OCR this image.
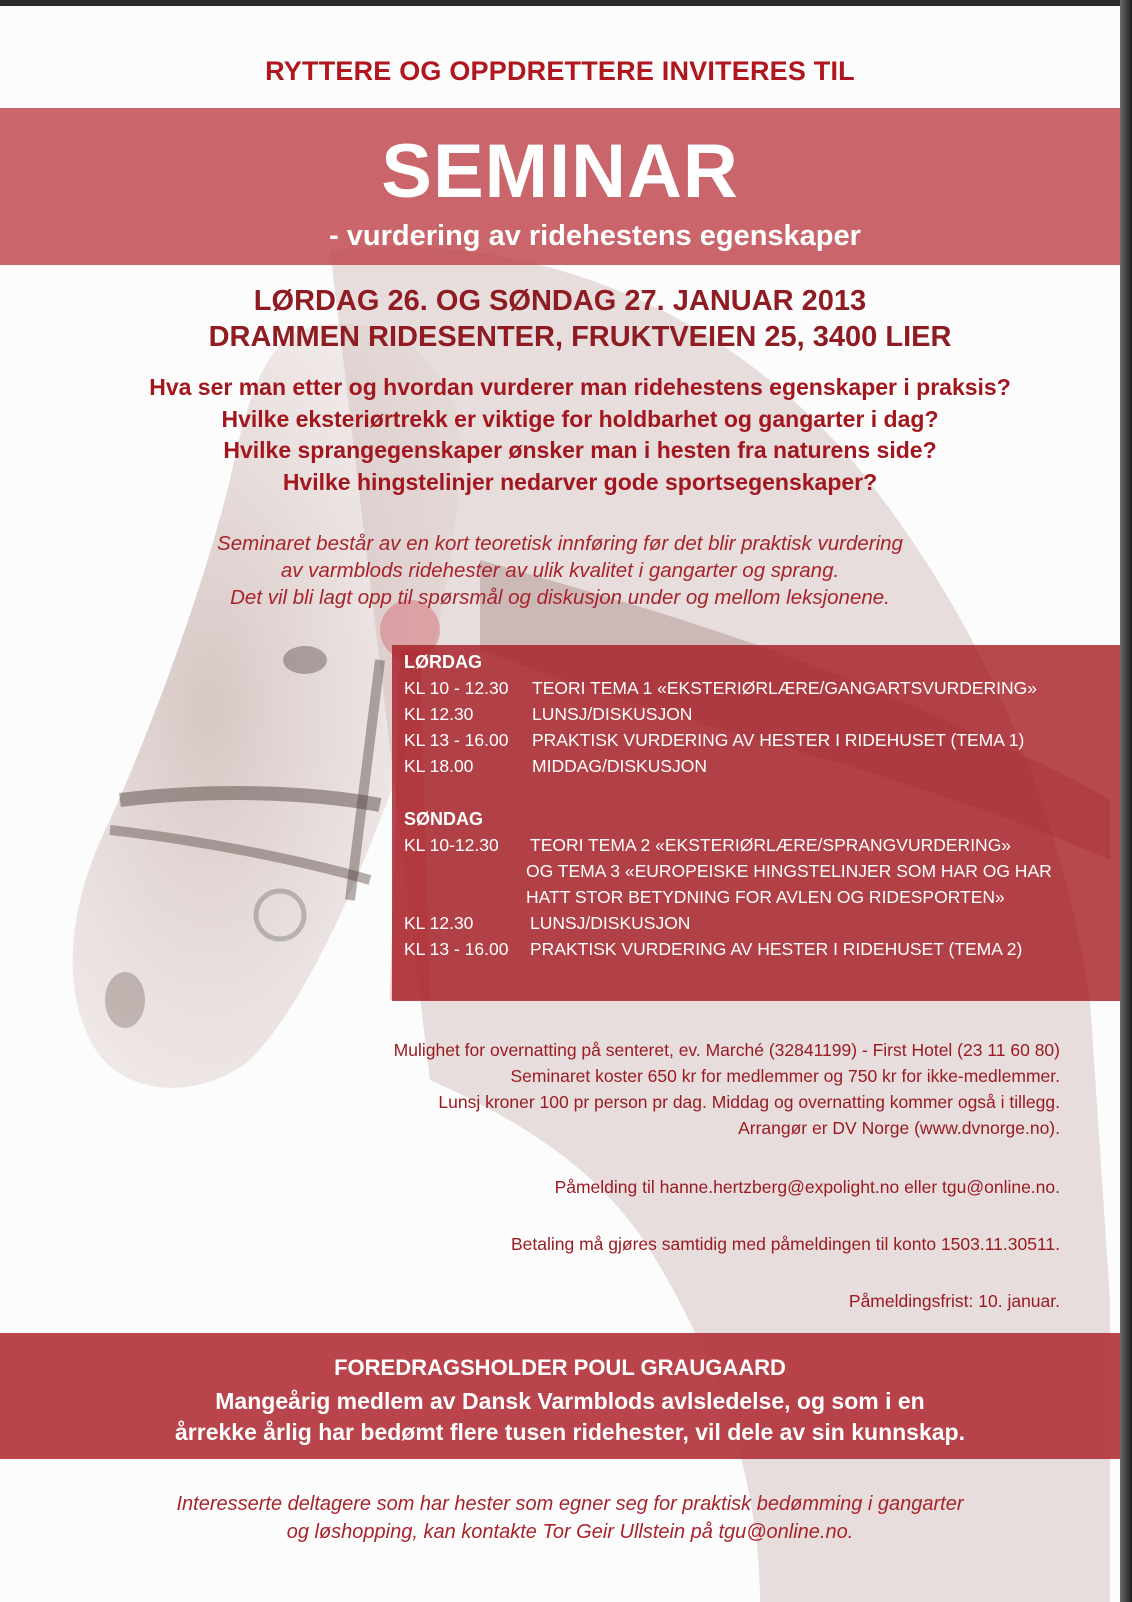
RYTTERE OG OPPDRETTERE INVITERES TIL
SEMINAR
- vurdering av ridehestens egenskaper
LØRDAG 26. OG SØNDAG 27. JANUAR 2013
DRAMMEN RIDESENTER, FRUKTVEIEN 25, 3400 LIER
Hva ser man etter og hvordan vurderer man ridehestens egenskaper i praksis?
Hvilke eksteriørtrekk er viktige for holdbarhet og gangarter i dag?
Hvilke sprangegenskaper ønsker man i hesten fra naturens side?
Hvilke hingstelinjer nedarver gode sportsegenskaper?
Seminaret består av en kort teoretisk innføring før det blir praktisk vurdering
av varmblods ridehester av ulik kvalitet i gangarter og sprang.
Det vil bli lagt opp til spørsmål og diskusjon under og mellom leksjonene.
LØRDAG
KL 10 - 12.30 TEORI TEMA 1 «EKSTERIØRLÆRE/GANGARTSVURDERING»
KL 12.30	LUNSJ/DISKUSJON
KL 13 - 16.00 PRAKTISK VURDERING AV HESTER I RIDEHUSET (TEMA 1)
KL 18.00	MIDDAG/DISKUSJON
SØNDAG
KL 10-12.30 TEORI TEMA 2 «EKSTERIØRLÆRE/SPRANGVURDERING»
OG TEMA 3 «EUROPEISKE HINGSTELINJER SOM HAR OG HAR
HATT STOR BETYDNING FOR AVLEN OG RIDESPORTEN»
KL 12.30	LUNSJ/DISKUSJON
KL 13 - 16.00 PRAKTISK VURDERING AV HESTER I RIDEHUSET (TEMA 2)
Mulighet for overnatting på senteret, ev. Marché (32841199) - First Hotel (23 11 60 80)
Seminaret koster 650 kr for medlemmer og 750 kr for ikke-medlemmer.
Lunsj kroner 100 pr person pr dag. Middag og overnatting kommer også i tillegg.
Arrangør er DV Norge (www.dvnorge.no).
Påmelding til hanne.hertzberg@expolight.no eller tgu@online.no.
Betaling må gjøres samtidig med påmeldingen til konto 1503.11.30511.
Påmeldingsfrist: 10. januar.
FOREDRAGSHOLDER POUL GRAUGAARD
Mangeårig medlem av Dansk Varmblods avlsledelse, og som i en
årrekke årlig har bedømt flere tusen ridehester, vil dele av sin kunnskap.
Interesserte deltagere som har hester som egner seg for praktisk bedømming i gangarter
og løshopping, kan kontakte Tor Geir Ullstein på tgu@online.no.
